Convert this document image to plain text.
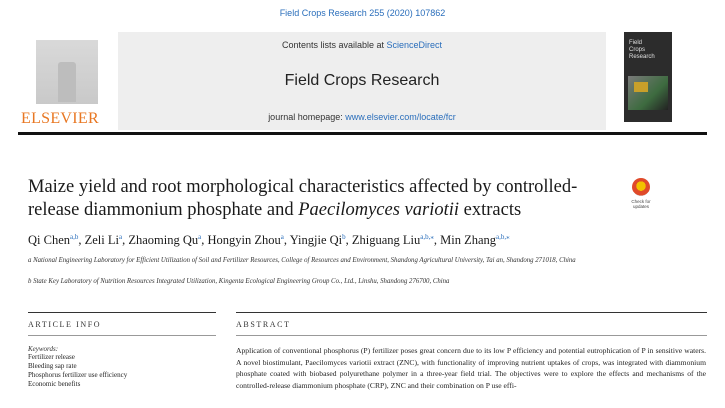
Field Crops Research 255 (2020) 107862
ELSEVIER
Contents lists available at ScienceDirect
Field Crops Research
journal homepage: www.elsevier.com/locate/fcr
Field
Crops
Research
Maize yield and root morphological characteristics affected by controlled-release diammonium phosphate and Paecilomyces variotii extracts	Check for
updates
Qi Chen$^{a,b}$, Zeli Li$^a$, Zhaoming Qu$^a$, Hongyin Zhou$^a$, Yingjie Qi$^b$, Zhiguang Liu$^{a,b,⁎}$, Min Zhang$^{a,b,⁎}$
a National Engineering Laboratory for Efficient Utilization of Soil and Fertilizer Resources, College of Resources and Environment, Shandong Agricultural University, Tai an, Shandong 271018, China
b State Key Laboratory of Nutrition Resources Integrated Utilization, Kingenta Ecological Engineering Group Co., Ltd., Linshu, Shandong 276700, China
ARTICLE INFO	ABSTRACT
Keywords:
Fertilizer release
Bleeding sap rate
Phosphorus fertilizer use efficiency
Economic benefits
Application of conventional phosphorus (P) fertilizer poses great concern due to its low P efficiency and potential eutrophication of P in sensitive waters. A novel biostimulant, Paecilomyces variotii extract (ZNC), with functionality of improving nutrient uptakes of crops, was integrated with diammonium phosphate coated with biobased polyurethane polymer in a three-year field trial. The objectives were to explore the effects and mechanisms of the controlled-release diammonium phosphate (CRP), ZNC and their combination on P use effi-
